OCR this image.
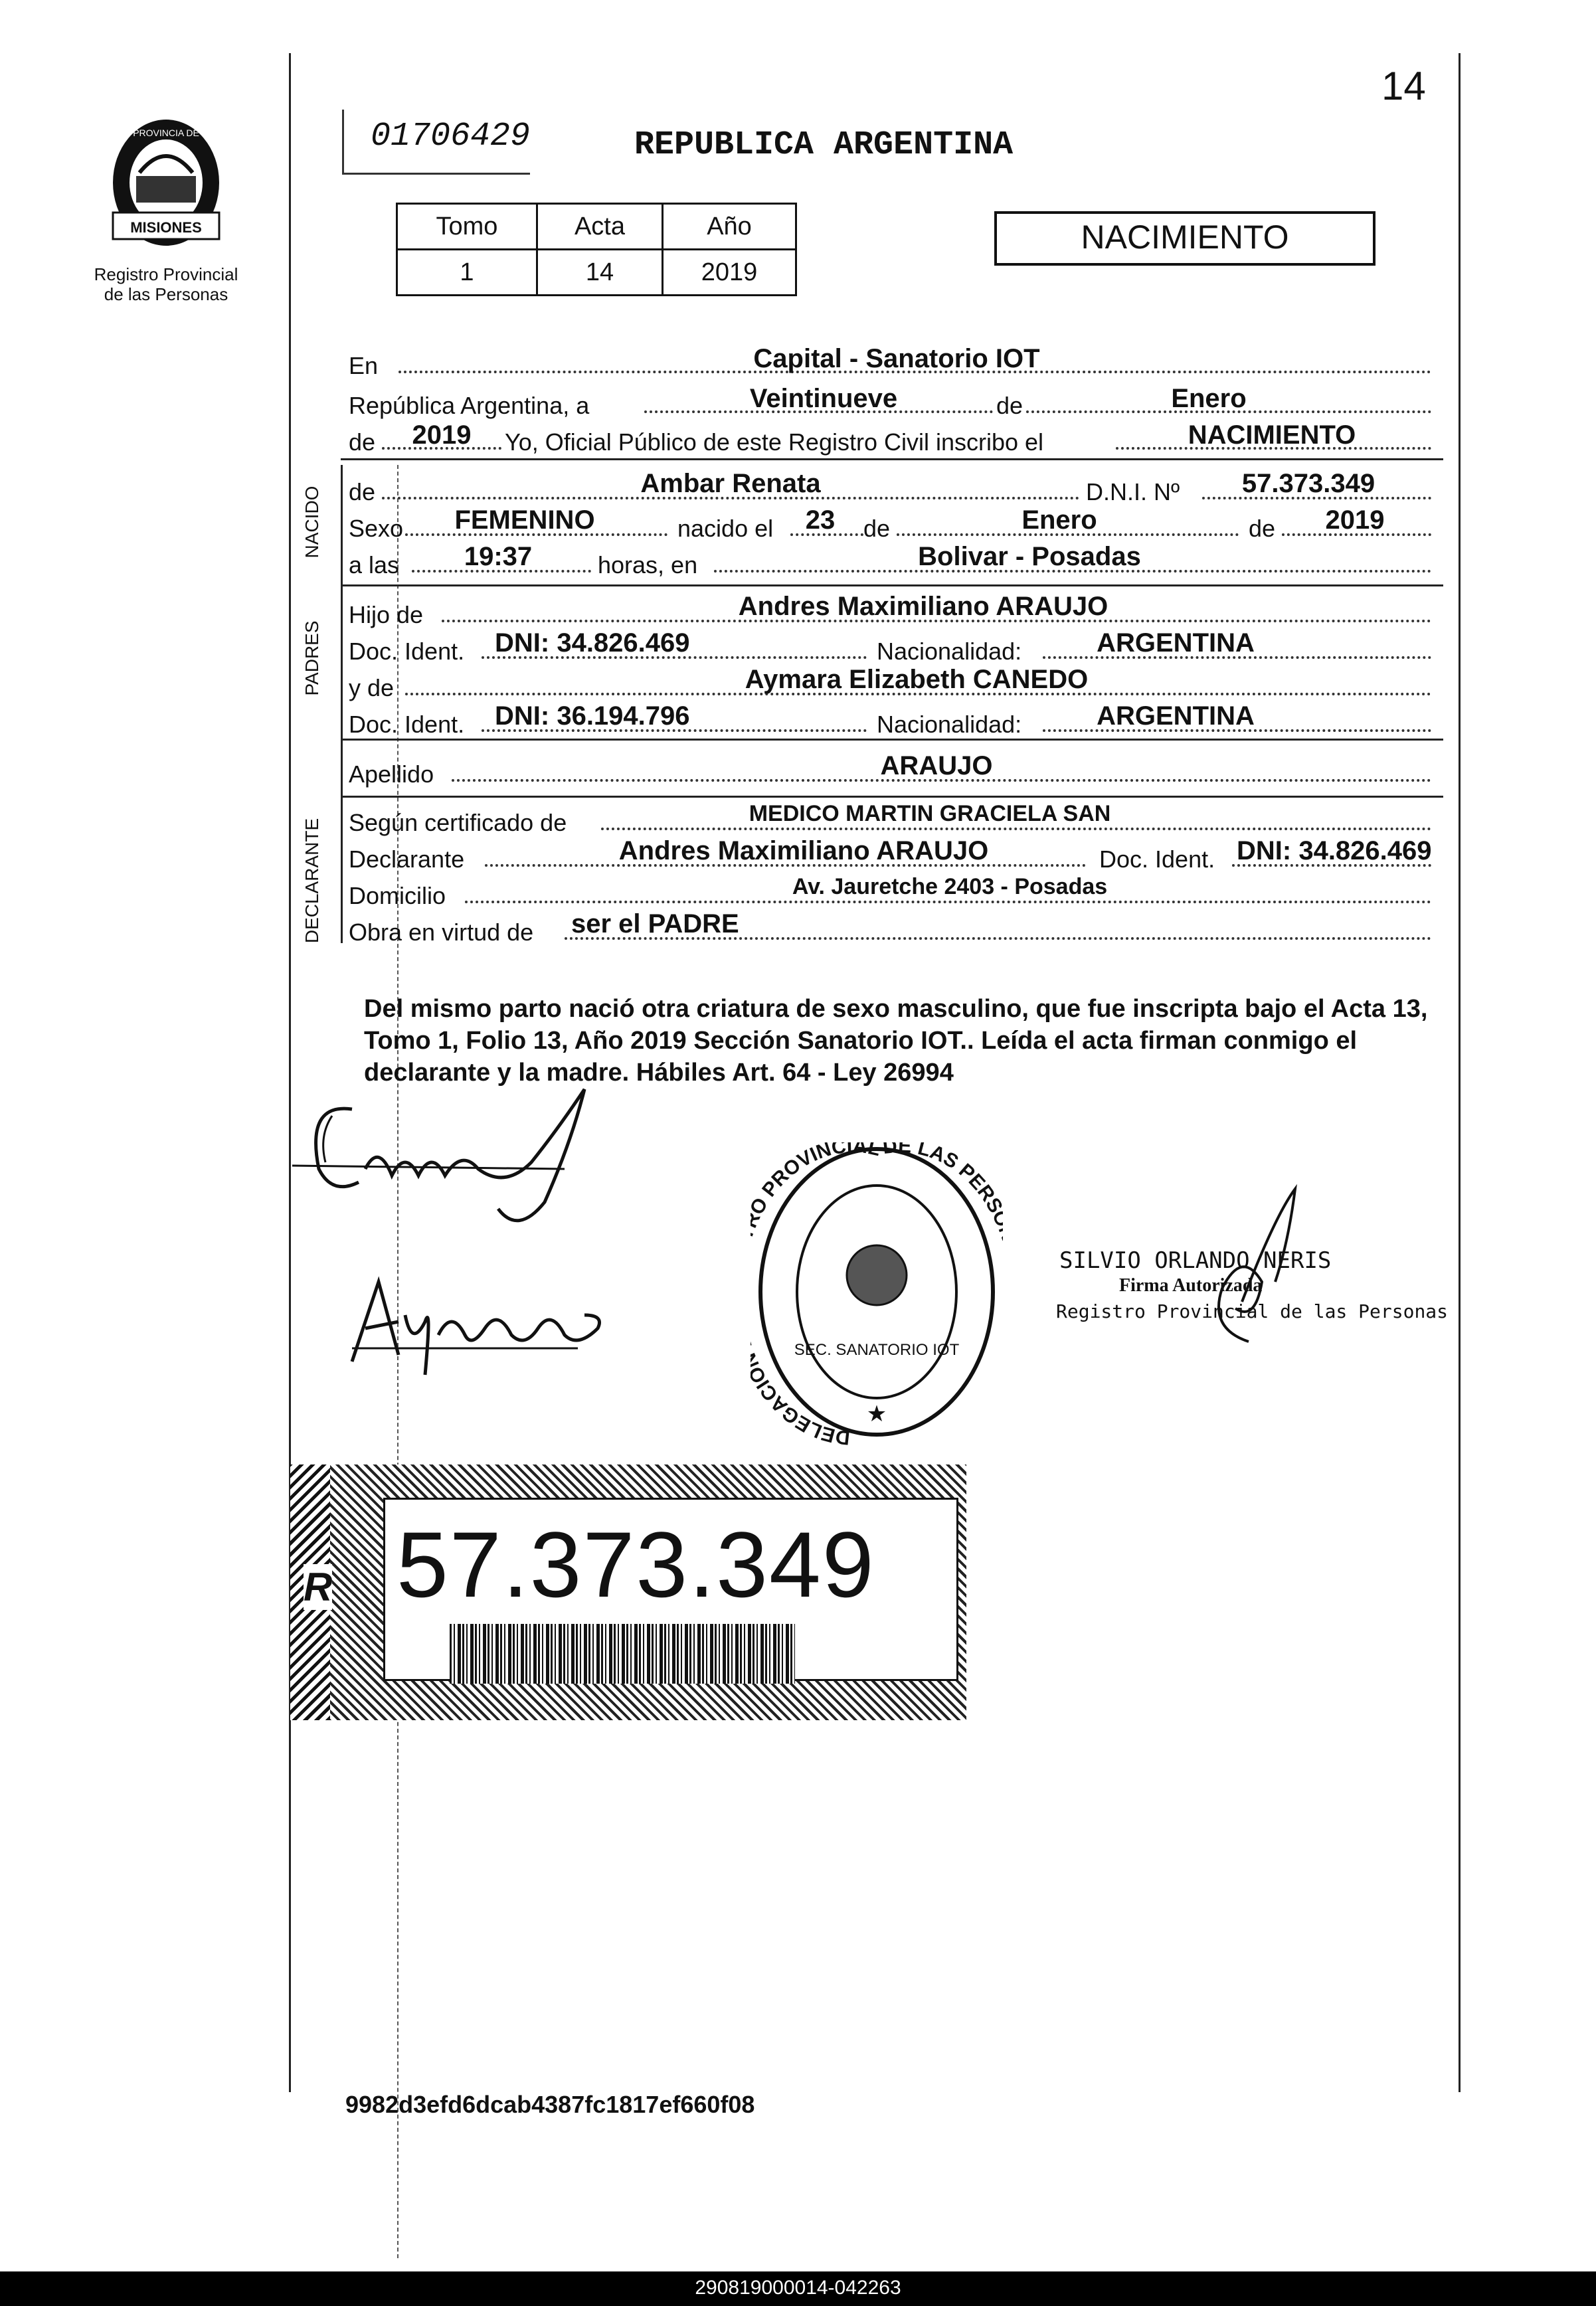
14
MISIONES
PROVINCIA DE
Registro Provincial
de las Personas
01706429	REPUBLICA ARGENTINA
Tomo	Acta	Año
1	14	2019
NACIMIENTO
En	Capital - Sanatorio IOT
República Argentina, a	Veintinueve	de	Enero
de	2019	Yo, Oficial Público de este Registro Civil inscribo el	NACIMIENTO
NACIDO de	Ambar Renata	D.N.I. Nº	57.373.349
Sexo	FEMENINO	nacido el	23	de	Enero	de	2019
a las	19:37	horas, en	Bolivar - Posadas
PADRES
Hijo de	Andres Maximiliano ARAUJO
Doc. Ident. DNI: 34.826.469	Nacionalidad:	ARGENTINA
y de	Aymara Elizabeth CANEDO
Doc. Ident. DNI: 36.194.796	Nacionalidad:	ARGENTINA
Apellido	ARAUJO
DECLARANTE Según certificado de	MEDICO MARTIN GRACIELA SAN
Declarante	Andres Maximiliano ARAUJO	Doc. Ident. DNI: 34.826.469
Domicilio	Av. Jauretche 2403 - Posadas
Obra en virtud de ser el PADRE
Del mismo parto nació otra criatura de sexo masculino, que fue inscripta bajo el Acta 13, Tomo 1, Folio 13, Año 2019 Sección Sanatorio IOT.. Leída el acta firman conmigo el declarante y la madre. Hábiles Art. 64 - Ley 26994
DELEGACI PROVINCIAL DE LAS PER
SEC. SANATORIO IOT
★
SILVIO ORLANDO NERIS
Firma Autorizada
Registro Provincial de las Personas
57.373.349
R
9982d3efd6dcab4387fc1817ef660f08
290819000014-042263
